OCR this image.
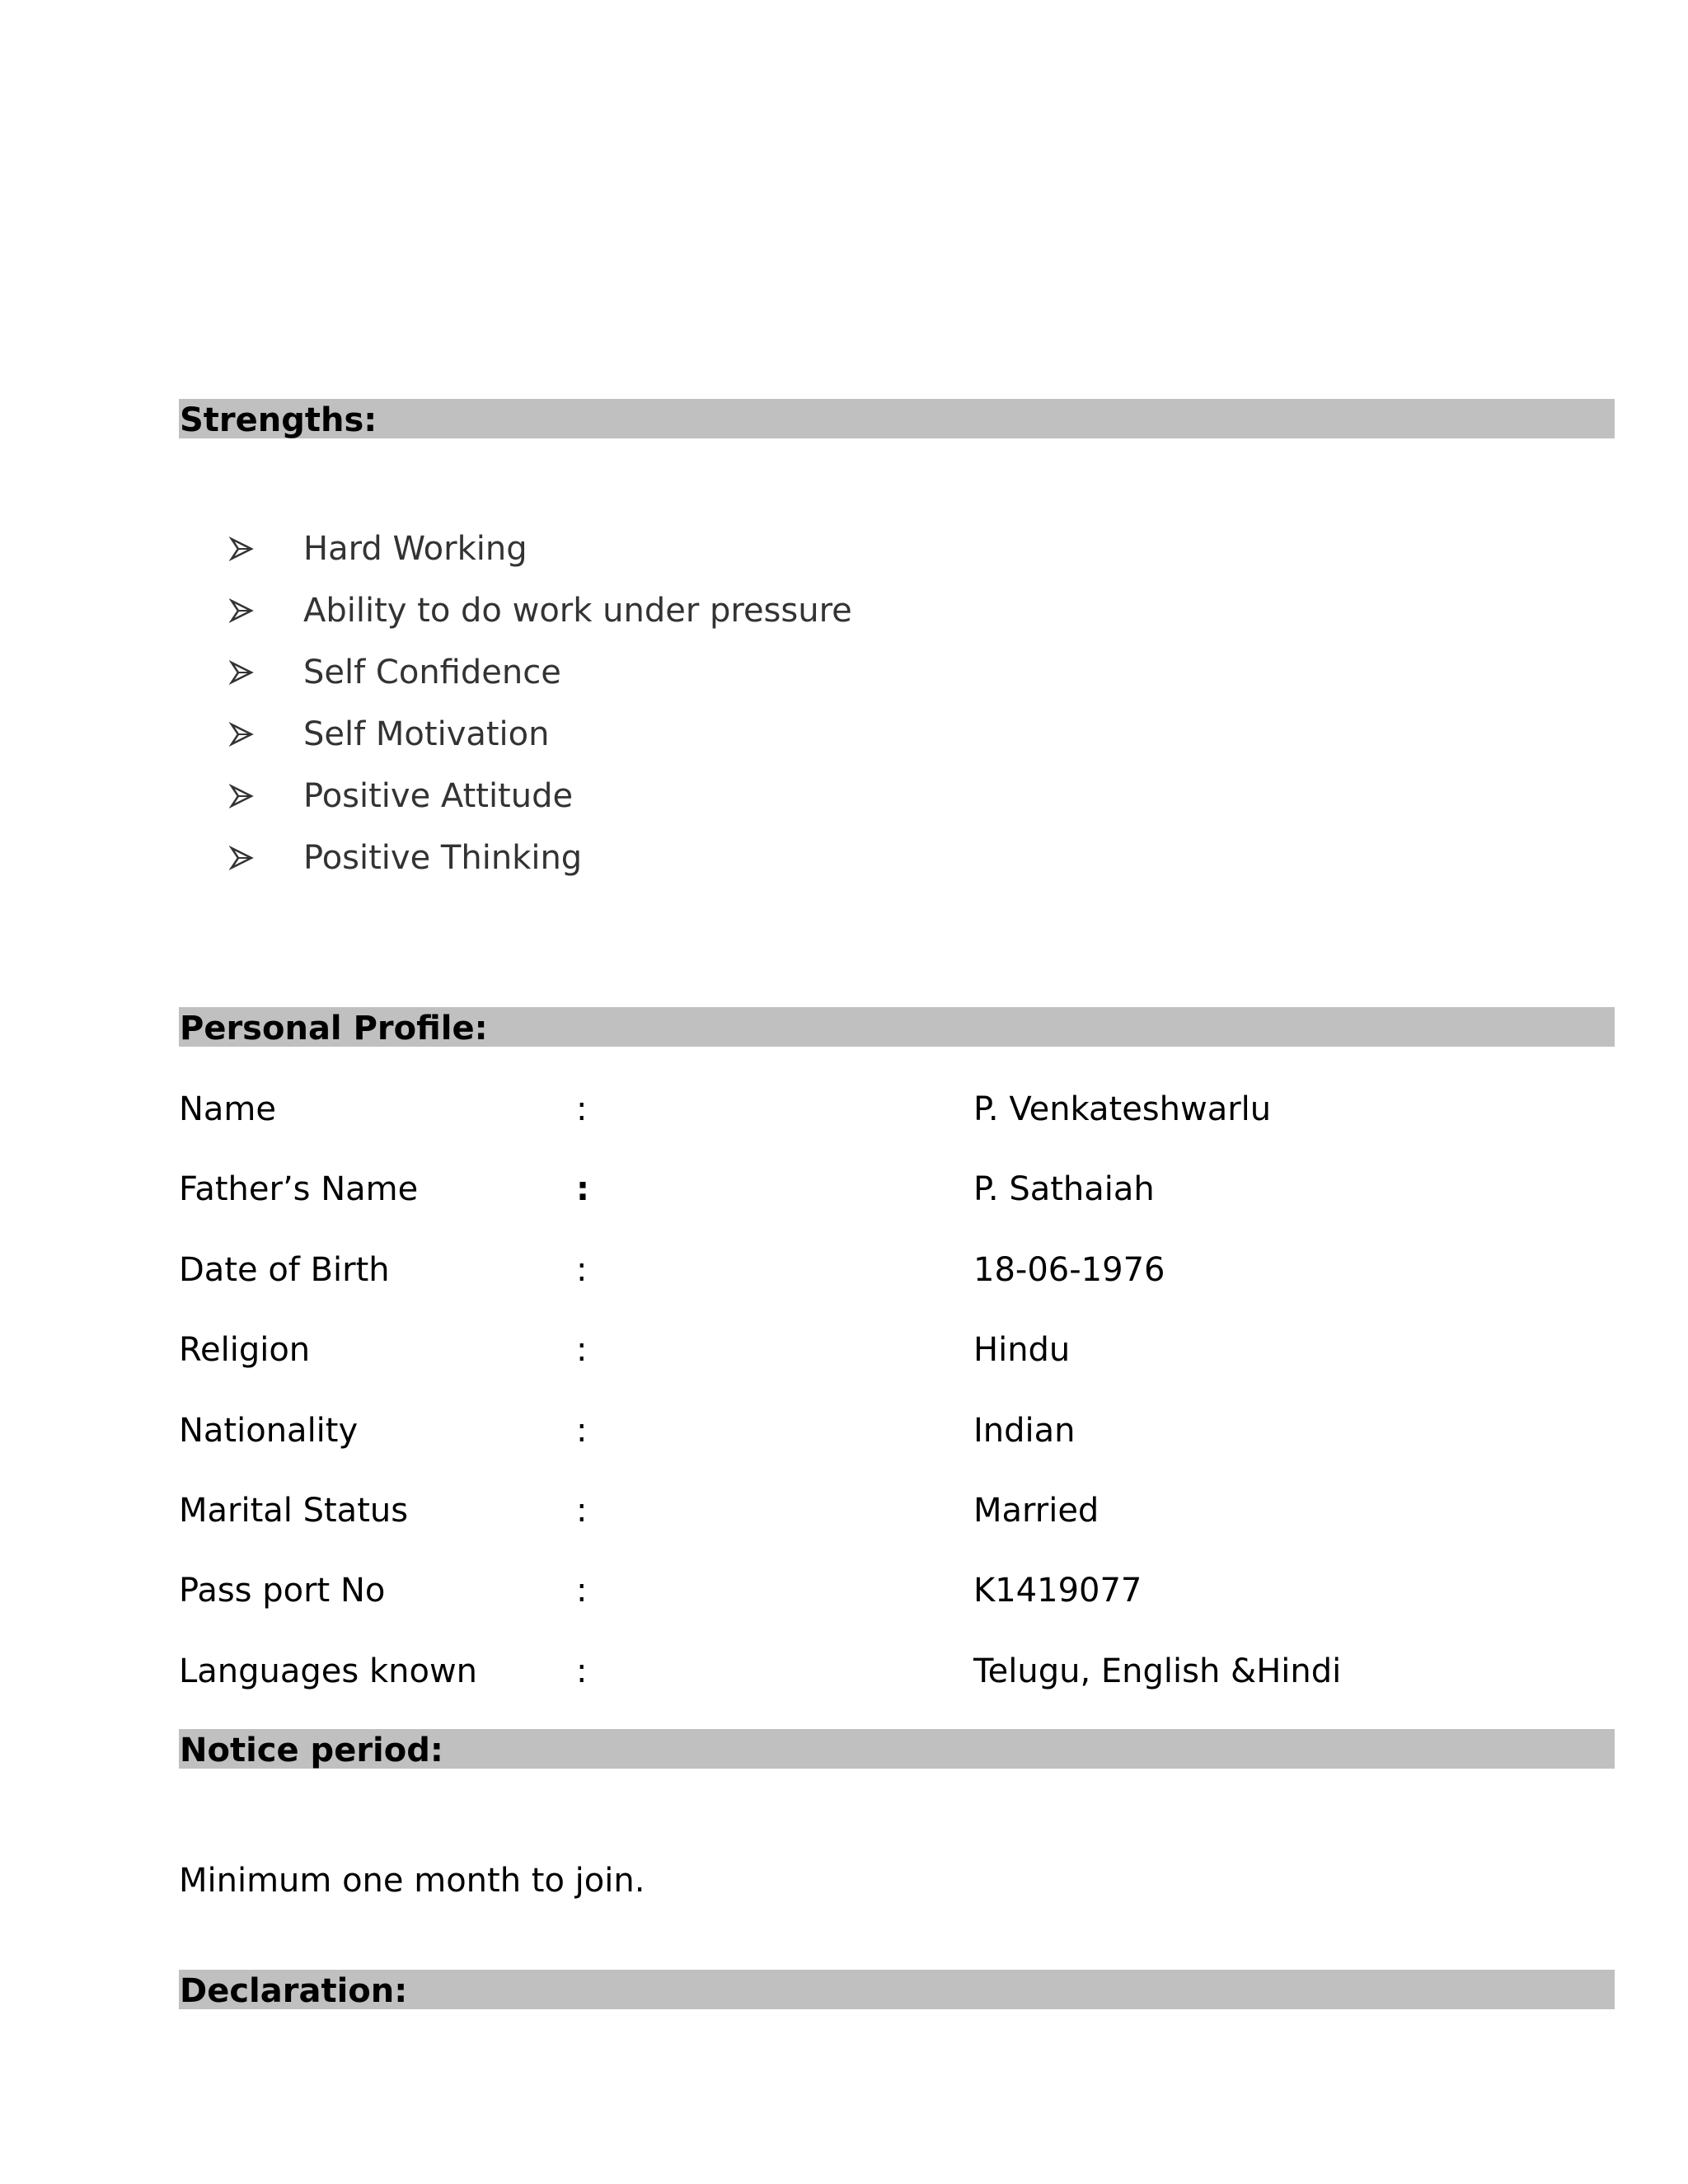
Strengths:
Hard Working
Ability to do work under pressure
Self Confidence
Self Motivation
Positive Attitude
Positive Thinking
Personal Profile:
Name	:	P. Venkateshwarlu
Father’s Name	:	P. Sathaiah
Date of Birth	:	18-06-1976
Religion	:	Hindu
Nationality	:	Indian
Marital Status	:	Married
Pass port No	:	K1419077
Languages known	:	Telugu, English &Hindi
Notice period:
Minimum one month to join.
Declaration:
